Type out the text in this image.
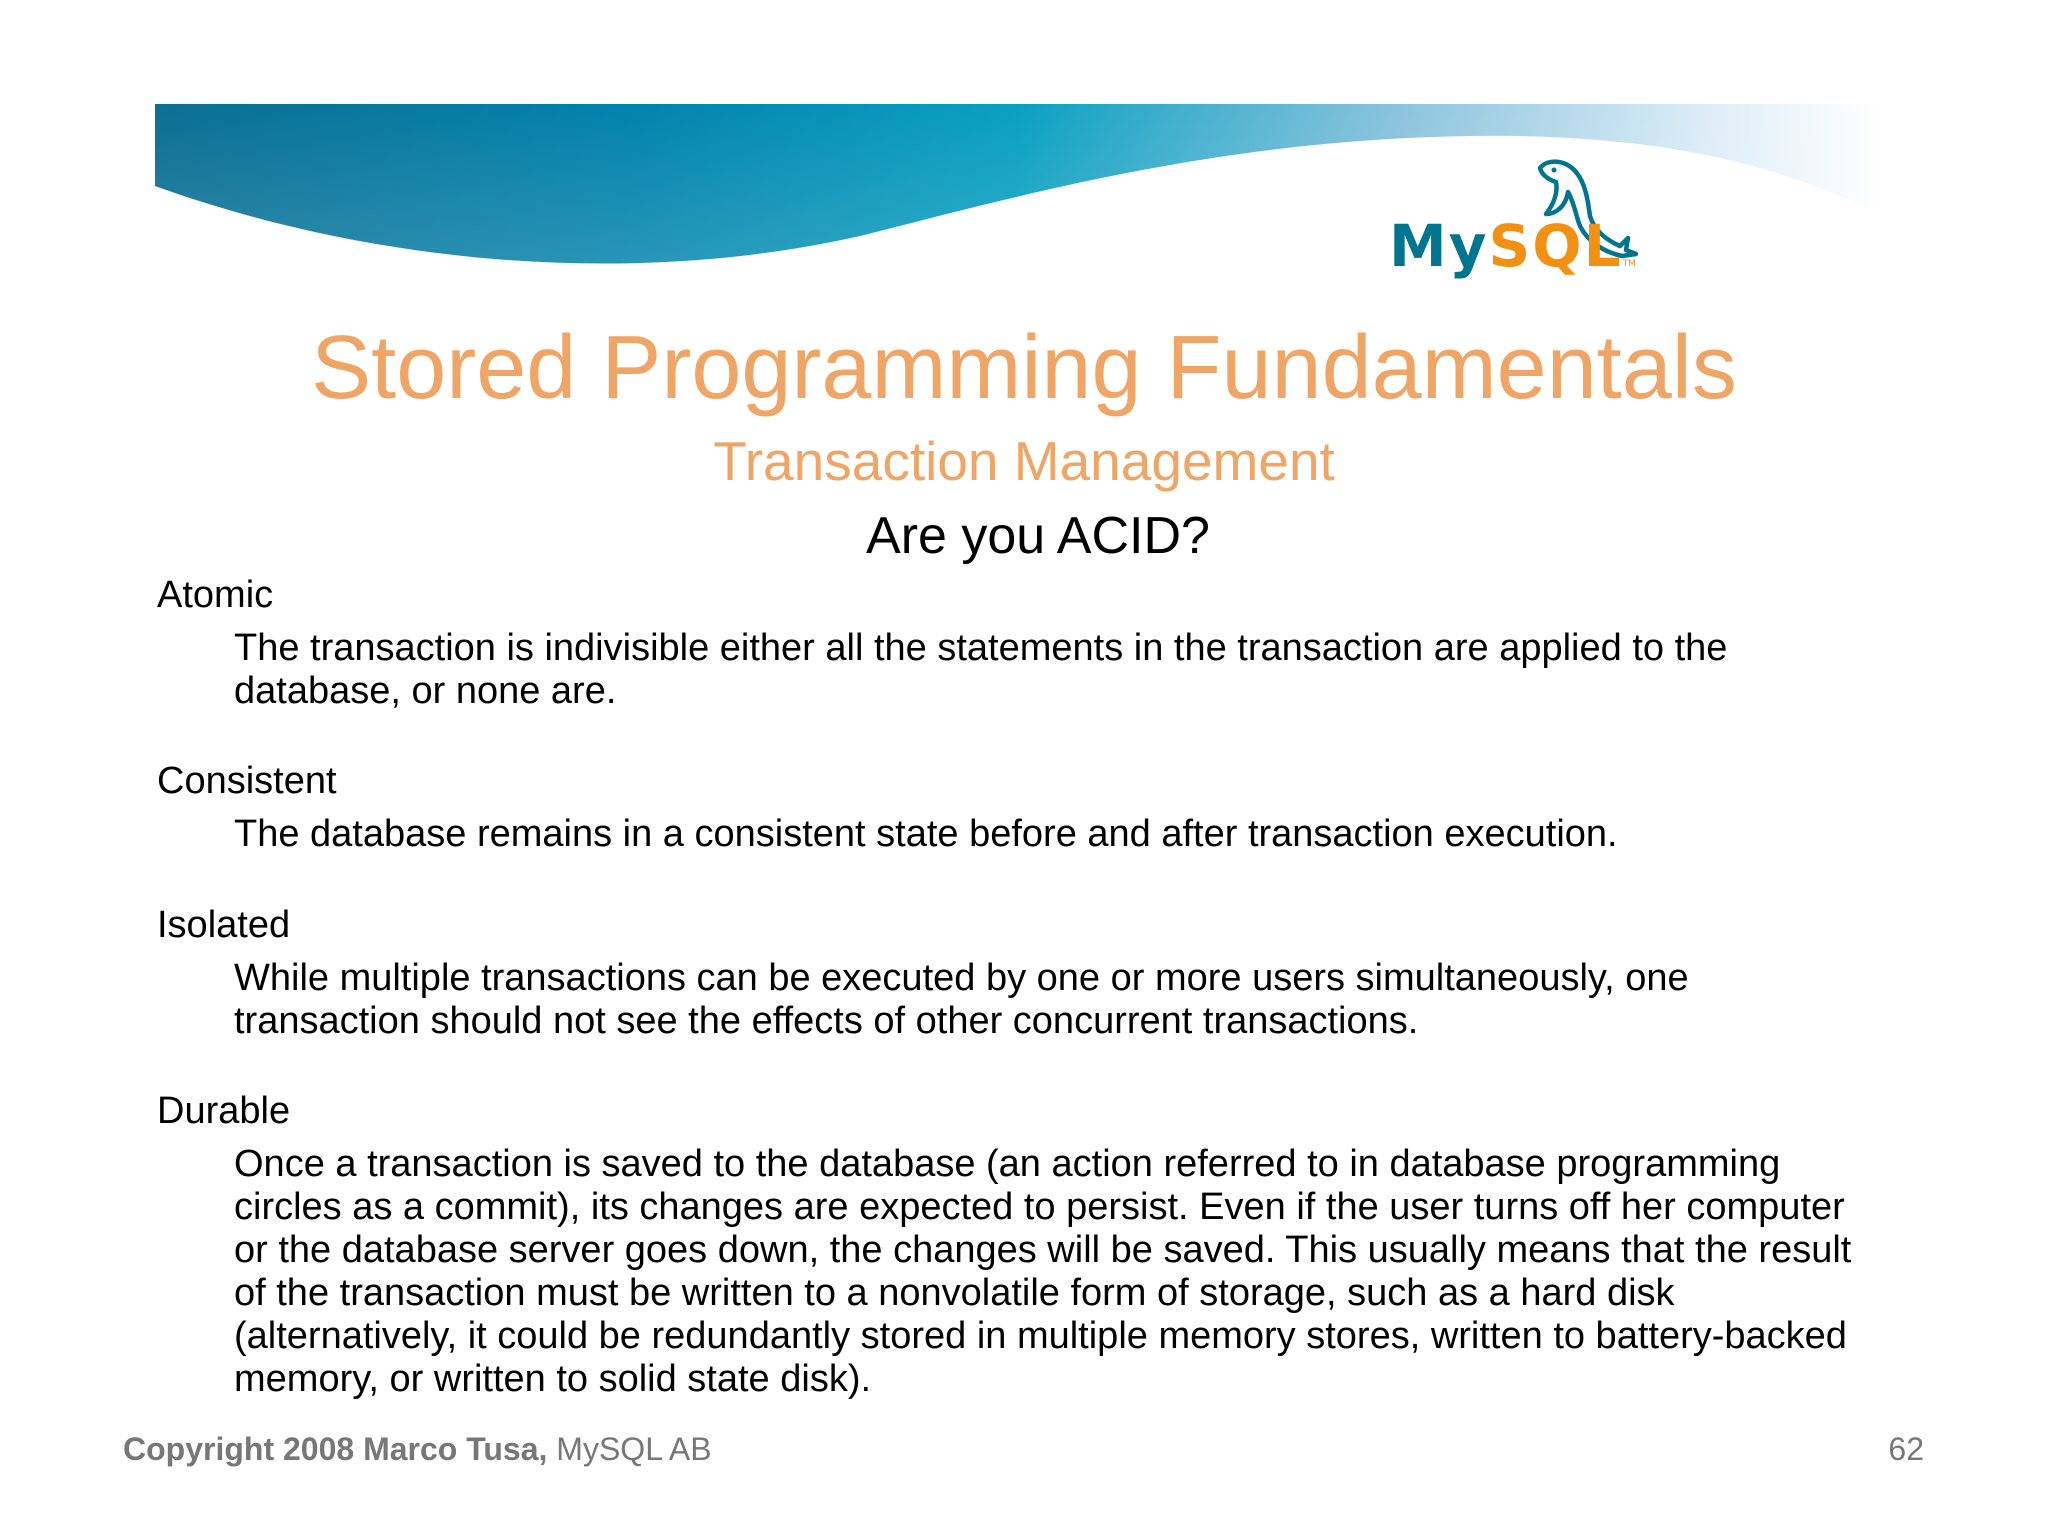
MySQLTM
Stored Programming Fundamentals
Transaction Management
Are you ACID?
Atomic
The transaction is indivisible either all the statements in the transaction are applied to the
database, or none are.
Consistent
The database remains in a consistent state before and after transaction execution.
Isolated
While multiple transactions can be executed by one or more users simultaneously, one
transaction should not see the effects of other concurrent transactions.
Durable
Once a transaction is saved to the database (an action referred to in database programming
circles as a commit), its changes are expected to persist. Even if the user turns off her computer
or the database server goes down, the changes will be saved. This usually means that the result
of the transaction must be written to a nonvolatile form of storage, such as a hard disk
(alternatively, it could be redundantly stored in multiple memory stores, written to battery-backed
memory, or written to solid state disk).
Copyright 2008 Marco Tusa, MySQL AB	62
